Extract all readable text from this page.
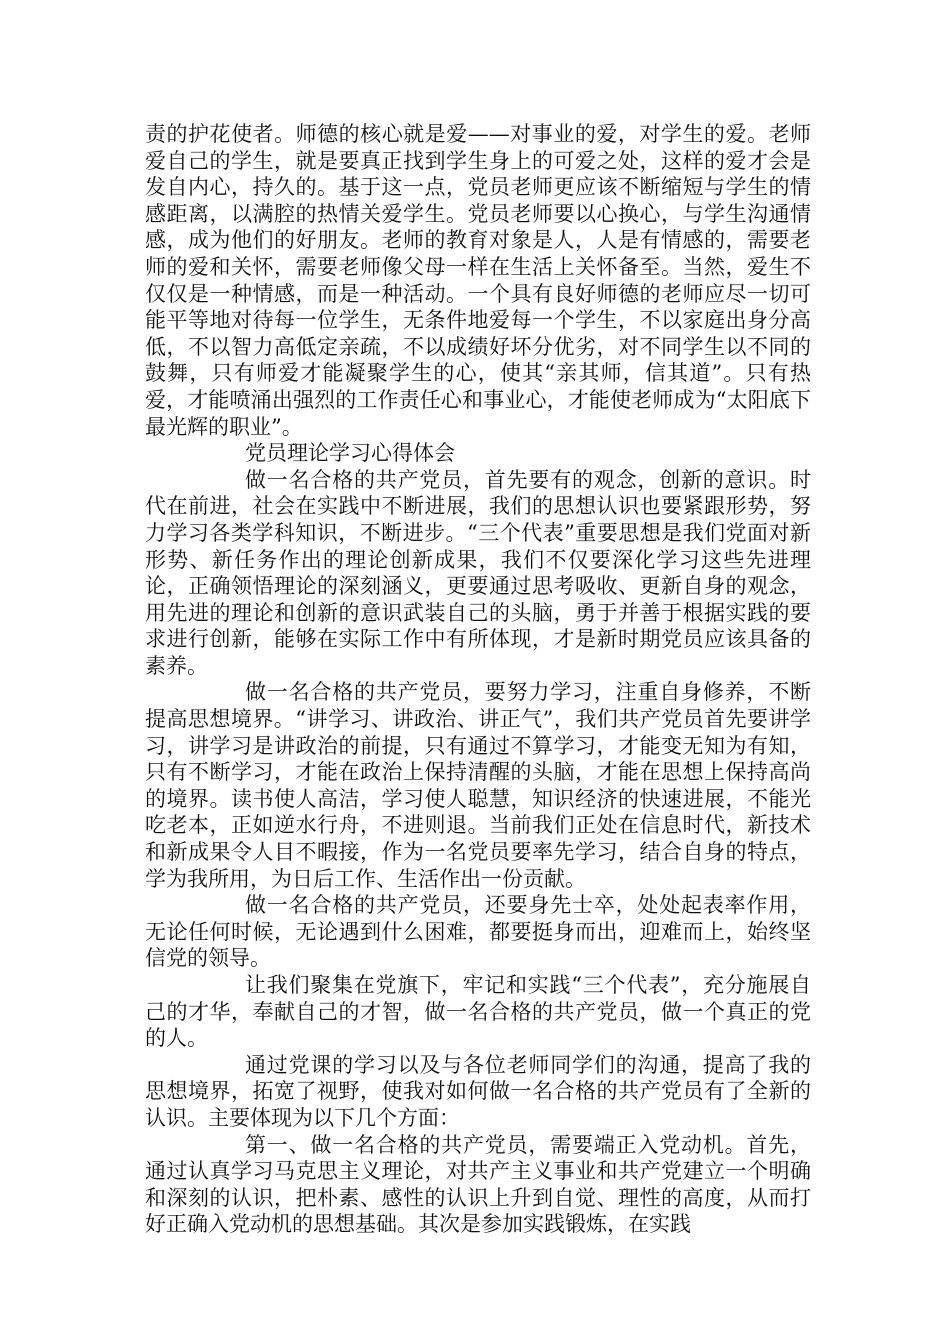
责的护花使者。师德的核心就是爱——对事业的爱，对学生的爱。老师爱自己的学生，就是要真正找到学生身上的可爱之处，这样的爱才会是发自内心，持久的。基于这一点，党员老师更应该不断缩短与学生的情感距离，以满腔的热情关爱学生。党员老师要以心换心，与学生沟通情感，成为他们的好朋友。老师的教育对象是人，人是有情感的，需要老师的爱和关怀，需要老师像父母一样在生活上关怀备至。当然，爱生不仅仅是一种情感，而是一种活动。一个具有良好师德的老师应尽一切可能平等地对待每一位学生，无条件地爱每一个学生，不以家庭出身分高低，不以智力高低定亲疏，不以成绩好坏分优劣，对不同学生以不同的鼓舞，只有师爱才能凝聚学生的心，使其“亲其师，信其道”。只有热爱，才能喷涌出强烈的工作责任心和事业心，才能使老师成为“太阳底下最光辉的职业”。

党员理论学习心得体会

做一名合格的共产党员，首先要有的观念，创新的意识。时代在前进，社会在实践中不断进展，我们的思想认识也要紧跟形势，努力学习各类学科知识，不断进步。“三个代表”重要思想是我们党面对新形势、新任务作出的理论创新成果，我们不仅要深化学习这些先进理论，正确领悟理论的深刻涵义，更要通过思考吸收、更新自身的观念，用先进的理论和创新的意识武装自己的头脑，勇于并善于根据实践的要求进行创新，能够在实际工作中有所体现，才是新时期党员应该具备的素养。

做一名合格的共产党员，要努力学习，注重自身修养，不断提高思想境界。“讲学习、讲政治、讲正气”，我们共产党员首先要讲学习，讲学习是讲政治的前提，只有通过不算学习，才能变无知为有知，只有不断学习，才能在政治上保持清醒的头脑，才能在思想上保持高尚的境界。读书使人高洁，学习使人聪慧，知识经济的快速进展，不能光吃老本，正如逆水行舟，不进则退。当前我们正处在信息时代，新技术和新成果令人目不暇接，作为一名党员要率先学习，结合自身的特点，学为我所用，为日后工作、生活作出一份贡献。

做一名合格的共产党员，还要身先士卒，处处起表率作用，无论任何时候，无论遇到什么困难，都要挺身而出，迎难而上，始终坚信党的领导。

让我们聚集在党旗下，牢记和实践“三个代表”，充分施展自己的才华，奉献自己的才智，做一名合格的共产党员，做一个真正的党的人。

通过党课的学习以及与各位老师同学们的沟通，提高了我的思想境界，拓宽了视野，使我对如何做一名合格的共产党员有了全新的认识。主要体现为以下几个方面：

第一、做一名合格的共产党员，需要端正入党动机。首先，通过认真学习马克思主义理论，对共产主义事业和共产党建立一个明确和深刻的认识，把朴素、感性的认识上升到自觉、理性的高度，从而打好正确入党动机的思想基础。其次是参加实践锻炼，在实践
